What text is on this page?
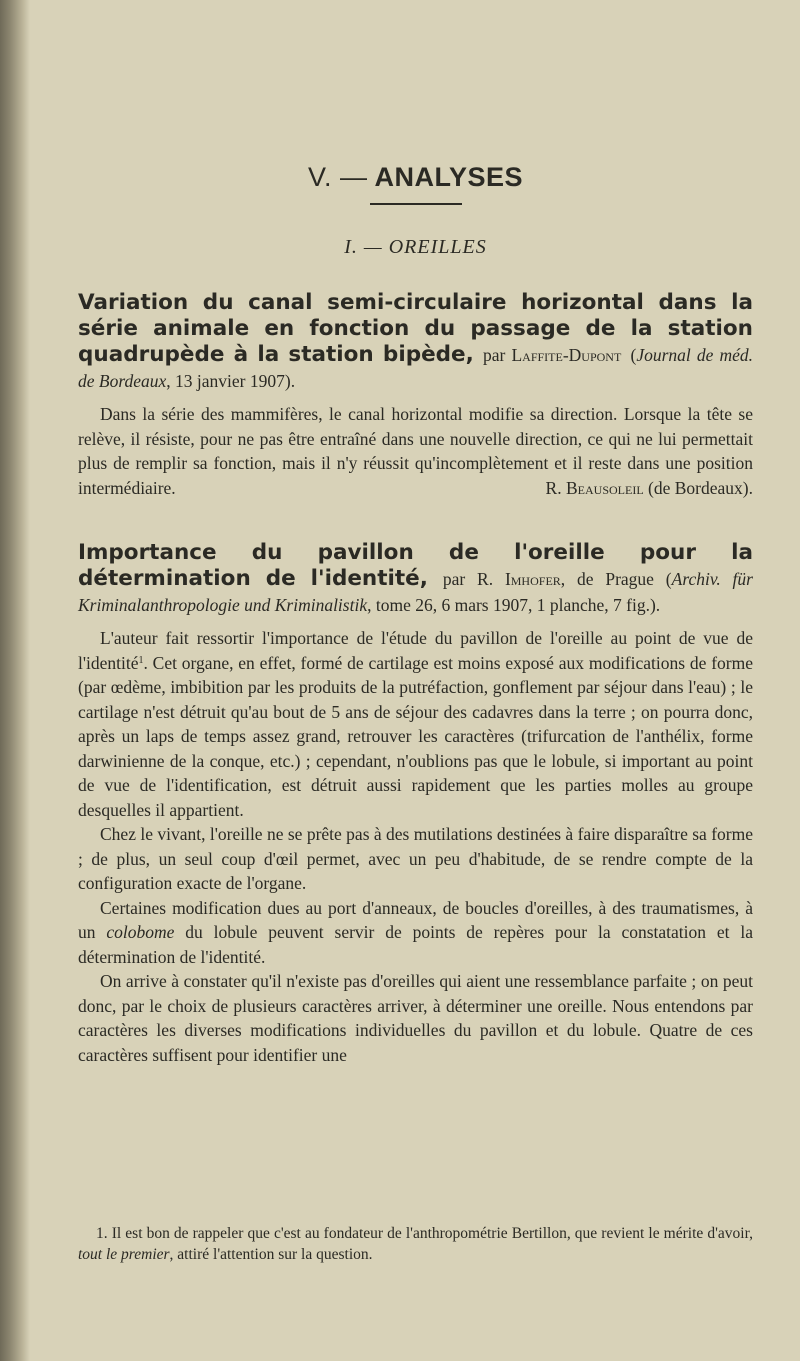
V. — ANALYSES
I. — OREILLES

Variation du canal semi-circulaire horizontal dans la série animale en fonction du passage de la station quadrupède à la station bipède, par Laffite-Dupont (Journal de méd. de Bordeaux, 13 janvier 1907).

Dans la série des mammifères, le canal horizontal modifie sa direction. Lorsque la tête se relève, il résiste, pour ne pas être entraîné dans une nouvelle direction, ce qui ne lui permettait plus de remplir sa fonction, mais il n'y réussit qu'incomplètement et il reste dans une position intermédiaire.	R. Beausoleil (de Bordeaux).

Importance du pavillon de l'oreille pour la détermination de l'identité, par R. Imhofer, de Prague (Archiv. für Kriminalanthropologie und Kriminalistik, tome 26, 6 mars 1907, 1 planche, 7 fig.).

L'auteur fait ressortir l'importance de l'étude du pavillon de l'oreille au point de vue de l'identité$^1$. Cet organe, en effet, formé de cartilage est moins exposé aux modifications de forme (par œdème, imbibition par les produits de la putréfaction, gonflement par séjour dans l'eau) ; le cartilage n'est détruit qu'au bout de 5 ans de séjour des cadavres dans la terre ; on pourra donc, après un laps de temps assez grand, retrouver les caractères (trifurcation de l'anthélix, forme darwinienne de la conque, etc.) ; cependant, n'oublions pas que le lobule, si important au point de vue de l'identification, est détruit aussi rapidement que les parties molles au groupe desquelles il appartient.

Chez le vivant, l'oreille ne se prête pas à des mutilations destinées à faire disparaître sa forme ; de plus, un seul coup d'œil permet, avec un peu d'habitude, de se rendre compte de la configuration exacte de l'organe.

Certaines modification dues au port d'anneaux, de boucles d'oreilles, à des traumatismes, à un colobome du lobule peuvent servir de points de repères pour la constatation et la détermination de l'identité.

On arrive à constater qu'il n'existe pas d'oreilles qui aient une ressemblance parfaite ; on peut donc, par le choix de plusieurs caractères arriver, à déterminer une oreille. Nous entendons par caractères les diverses modifications individuelles du pavillon et du lobule. Quatre de ces caractères suffisent pour identifier une

1. Il est bon de rappeler que c'est au fondateur de l'anthropométrie Bertillon, que revient le mérite d'avoir, tout le premier, attiré l'attention sur la question.
